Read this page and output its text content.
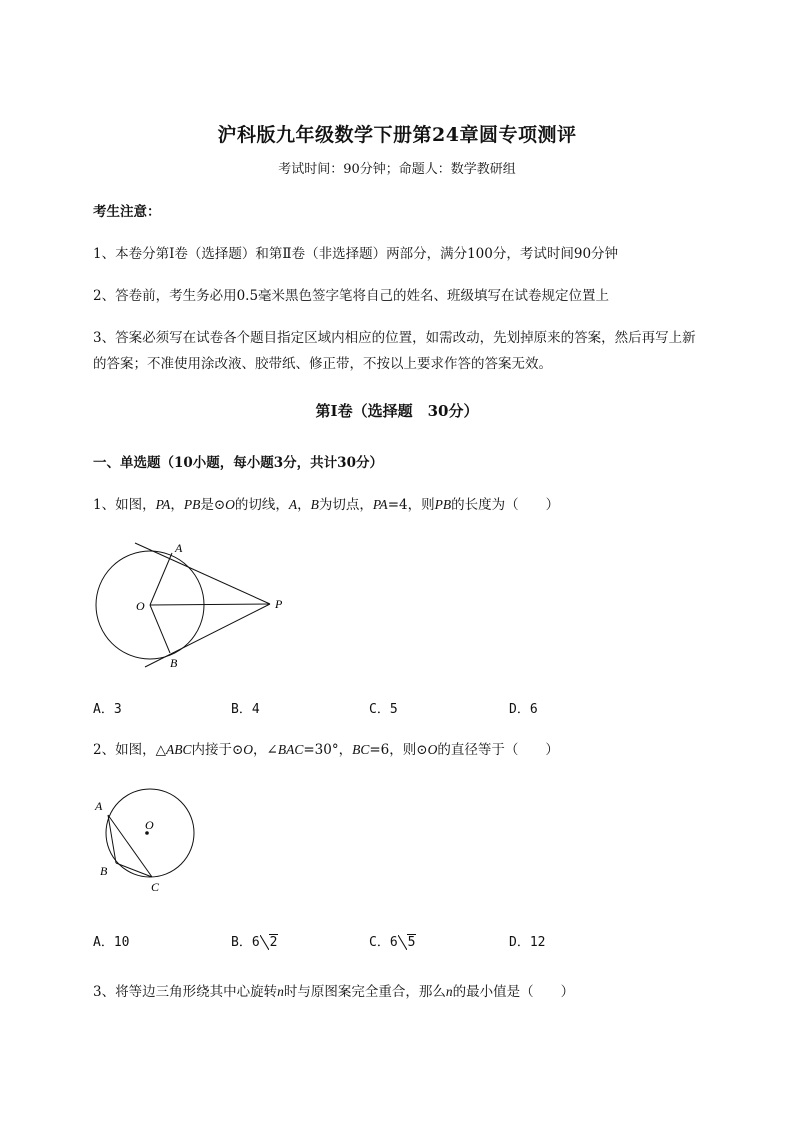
沪科版九年级数学下册第24章圆专项测评
考试时间：90分钟；命题人：数学教研组
考生注意：
1、本卷分第I卷（选择题）和第Ⅱ卷（非选择题）两部分，满分100分，考试时间90分钟
2、答卷前，考生务必用0.5毫米黑色签字笔将自己的姓名、班级填写在试卷规定位置上
3、答案必须写在试卷各个题目指定区域内相应的位置，如需改动，先划掉原来的答案，然后再写上新
的答案；不准使用涂改液、胶带纸、修正带，不按以上要求作答的答案无效。
第I卷（选择题　30分）
一、单选题（10小题，每小题3分，共计30分）
1、如图，PA，PB是⊙O的切线，A，B为切点，PA=4，则PB的长度为（　　）
A
O	P
B
A．3	B．4	C．5	D．6
2、如图，△ABC内接于⊙O，∠BAC=30°，BC=6，则⊙O的直径等于（　　）
O
A
B
C
A．10	B．6 2	C．6 5	D．12
3、将等边三角形绕其中心旋转n时与原图案完全重合，那么n的最小值是（　　）
